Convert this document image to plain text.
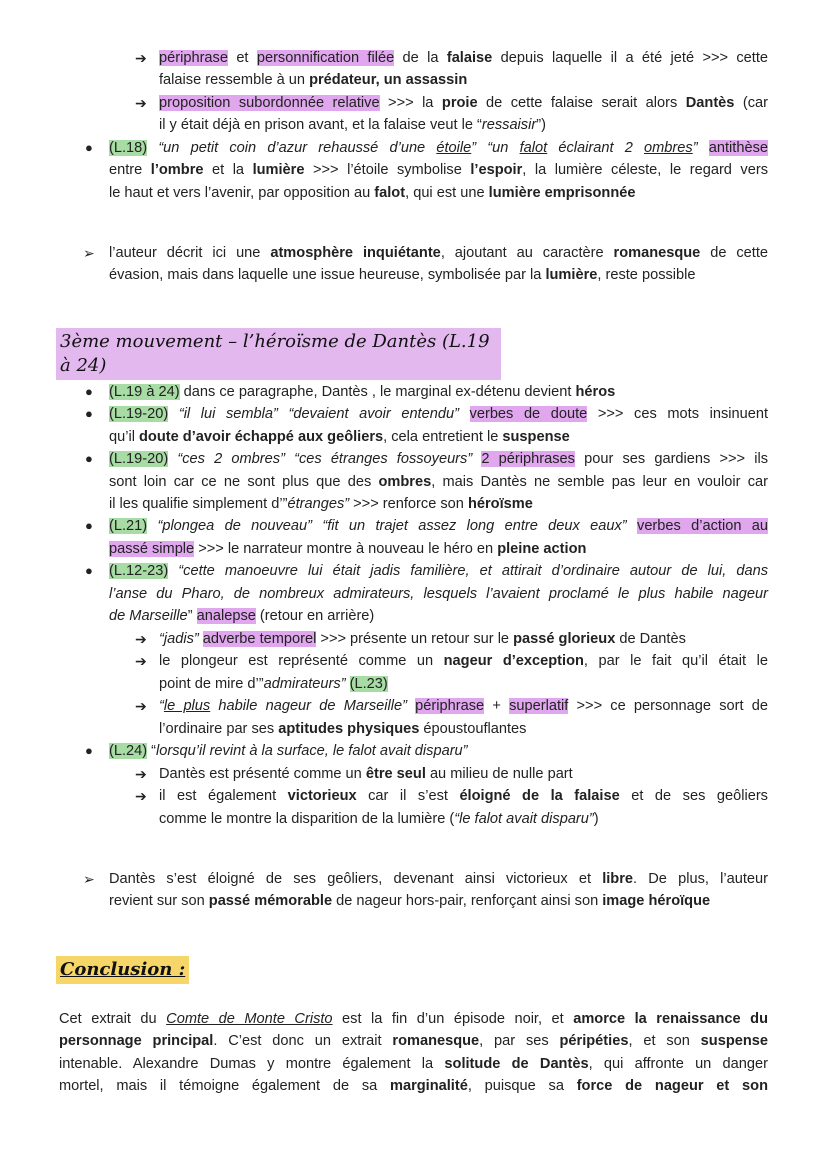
➔ périphrase et personnification filée de la falaise depuis laquelle il a été jeté >>> cette
falaise ressemble à un prédateur, un assassin
➔ proposition subordonnée relative >>> la proie de cette falaise serait alors Dantès (car
il y était déjà en prison avant, et la falaise veut le “ressaisir”)
● (L.18) “un petit coin d’azur rehaussé d’une étoile” “un falot éclairant 2 ombres” antithèse
entre l’ombre et la lumière >>> l’étoile symbolise l’espoir, la lumière céleste, le regard vers
le haut et vers l’avenir, par opposition au falot, qui est une lumière emprisonnée
➢ l’auteur décrit ici une atmosphère inquiétante, ajoutant au caractère romanesque de cette
évasion, mais dans laquelle une issue heureuse, symbolisée par la lumière, reste possible
3ème mouvement – l’héroïsme de Dantès (L.19 à 24)
● (L.19 à 24) dans ce paragraphe, Dantès , le marginal ex-détenu devient héros
● (L.19-20) “il lui sembla” “devaient avoir entendu” verbes de doute >>> ces mots insinuent
qu’il doute d’avoir échappé aux geôliers, cela entretient le suspense
● (L.19-20) “ces 2 ombres” “ces étranges fossoyeurs” 2 périphrases pour ses gardiens >>> ils
sont loin car ce ne sont plus que des ombres, mais Dantès ne semble pas leur en vouloir car
il les qualifie simplement d’”étranges” >>> renforce son héroïsme
● (L.21) “plongea de nouveau” “fit un trajet assez long entre deux eaux” verbes d’action au
passé simple >>> le narrateur montre à nouveau le héro en pleine action
● (L.12-23) “cette manoeuvre lui était jadis familière, et attirait d’ordinaire autour de lui, dans
l’anse du Pharo, de nombreux admirateurs, lesquels l’avaient proclamé le plus habile nageur
de Marseille” analepse (retour en arrière)
➔ “jadis” adverbe temporel >>> présente un retour sur le passé glorieux de Dantès
➔ le plongeur est représenté comme un nageur d’exception, par le fait qu’il était le
point de mire d’”admirateurs” (L.23)
➔ “le plus habile nageur de Marseille” périphrase + superlatif >>> ce personnage sort de
l’ordinaire par ses aptitudes physiques époustouflantes
● (L.24) “lorsqu’il revint à la surface, le falot avait disparu”
➔ Dantès est présenté comme un être seul au milieu de nulle part
➔ il est également victorieux car il s’est éloigné de la falaise et de ses geôliers
comme le montre la disparition de la lumière (“le falot avait disparu”)
➢ Dantès s’est éloigné de ses geôliers, devenant ainsi victorieux et libre. De plus, l’auteur
revient sur son passé mémorable de nageur hors-pair, renforçant ainsi son image héroïque
Conclusion :
Cet extrait du Comte de Monte Cristo est la fin d’un épisode noir, et amorce la renaissance du
personnage principal. C’est donc un extrait romanesque, par ses péripéties, et son suspense
intenable. Alexandre Dumas y montre également la solitude de Dantès, qui affronte un danger
mortel, mais il témoigne également de sa marginalité, puisque sa force de nageur et son
